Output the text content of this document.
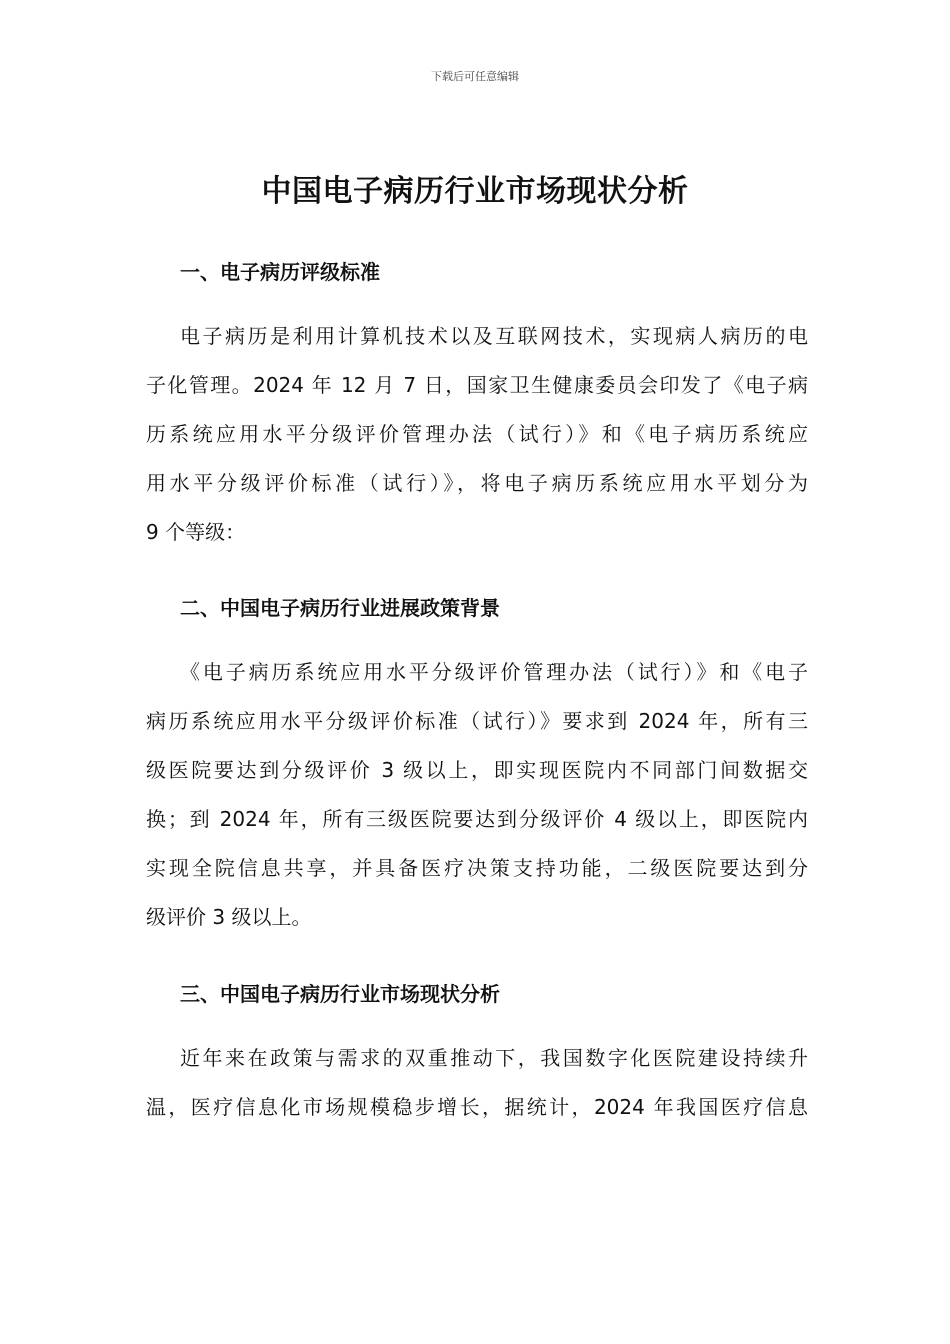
下载后可任意编辑
中国电子病历行业市场现状分析
一、电子病历评级标准
电子病历是利用计算机技术以及互联网技术，实现病人病历的电
子化管理。2024 年 12 月 7 日，国家卫生健康委员会印发了《电子病
历系统应用水平分级评价管理办法（试行）》和《电子病历系统应
用水平分级评价标准（试行）》，将电子病历系统应用水平划分为
9 个等级：
二、中国电子病历行业进展政策背景
《电子病历系统应用水平分级评价管理办法（试行）》和《电子
病历系统应用水平分级评价标准（试行）》要求到 2024 年，所有三
级医院要达到分级评价 3 级以上，即实现医院内不同部门间数据交
换；到 2024 年，所有三级医院要达到分级评价 4 级以上，即医院内
实现全院信息共享，并具备医疗决策支持功能，二级医院要达到分
级评价 3 级以上。
三、中国电子病历行业市场现状分析
近年来在政策与需求的双重推动下，我国数字化医院建设持续升
温，医疗信息化市场规模稳步增长，据统计，2024 年我国医疗信息
